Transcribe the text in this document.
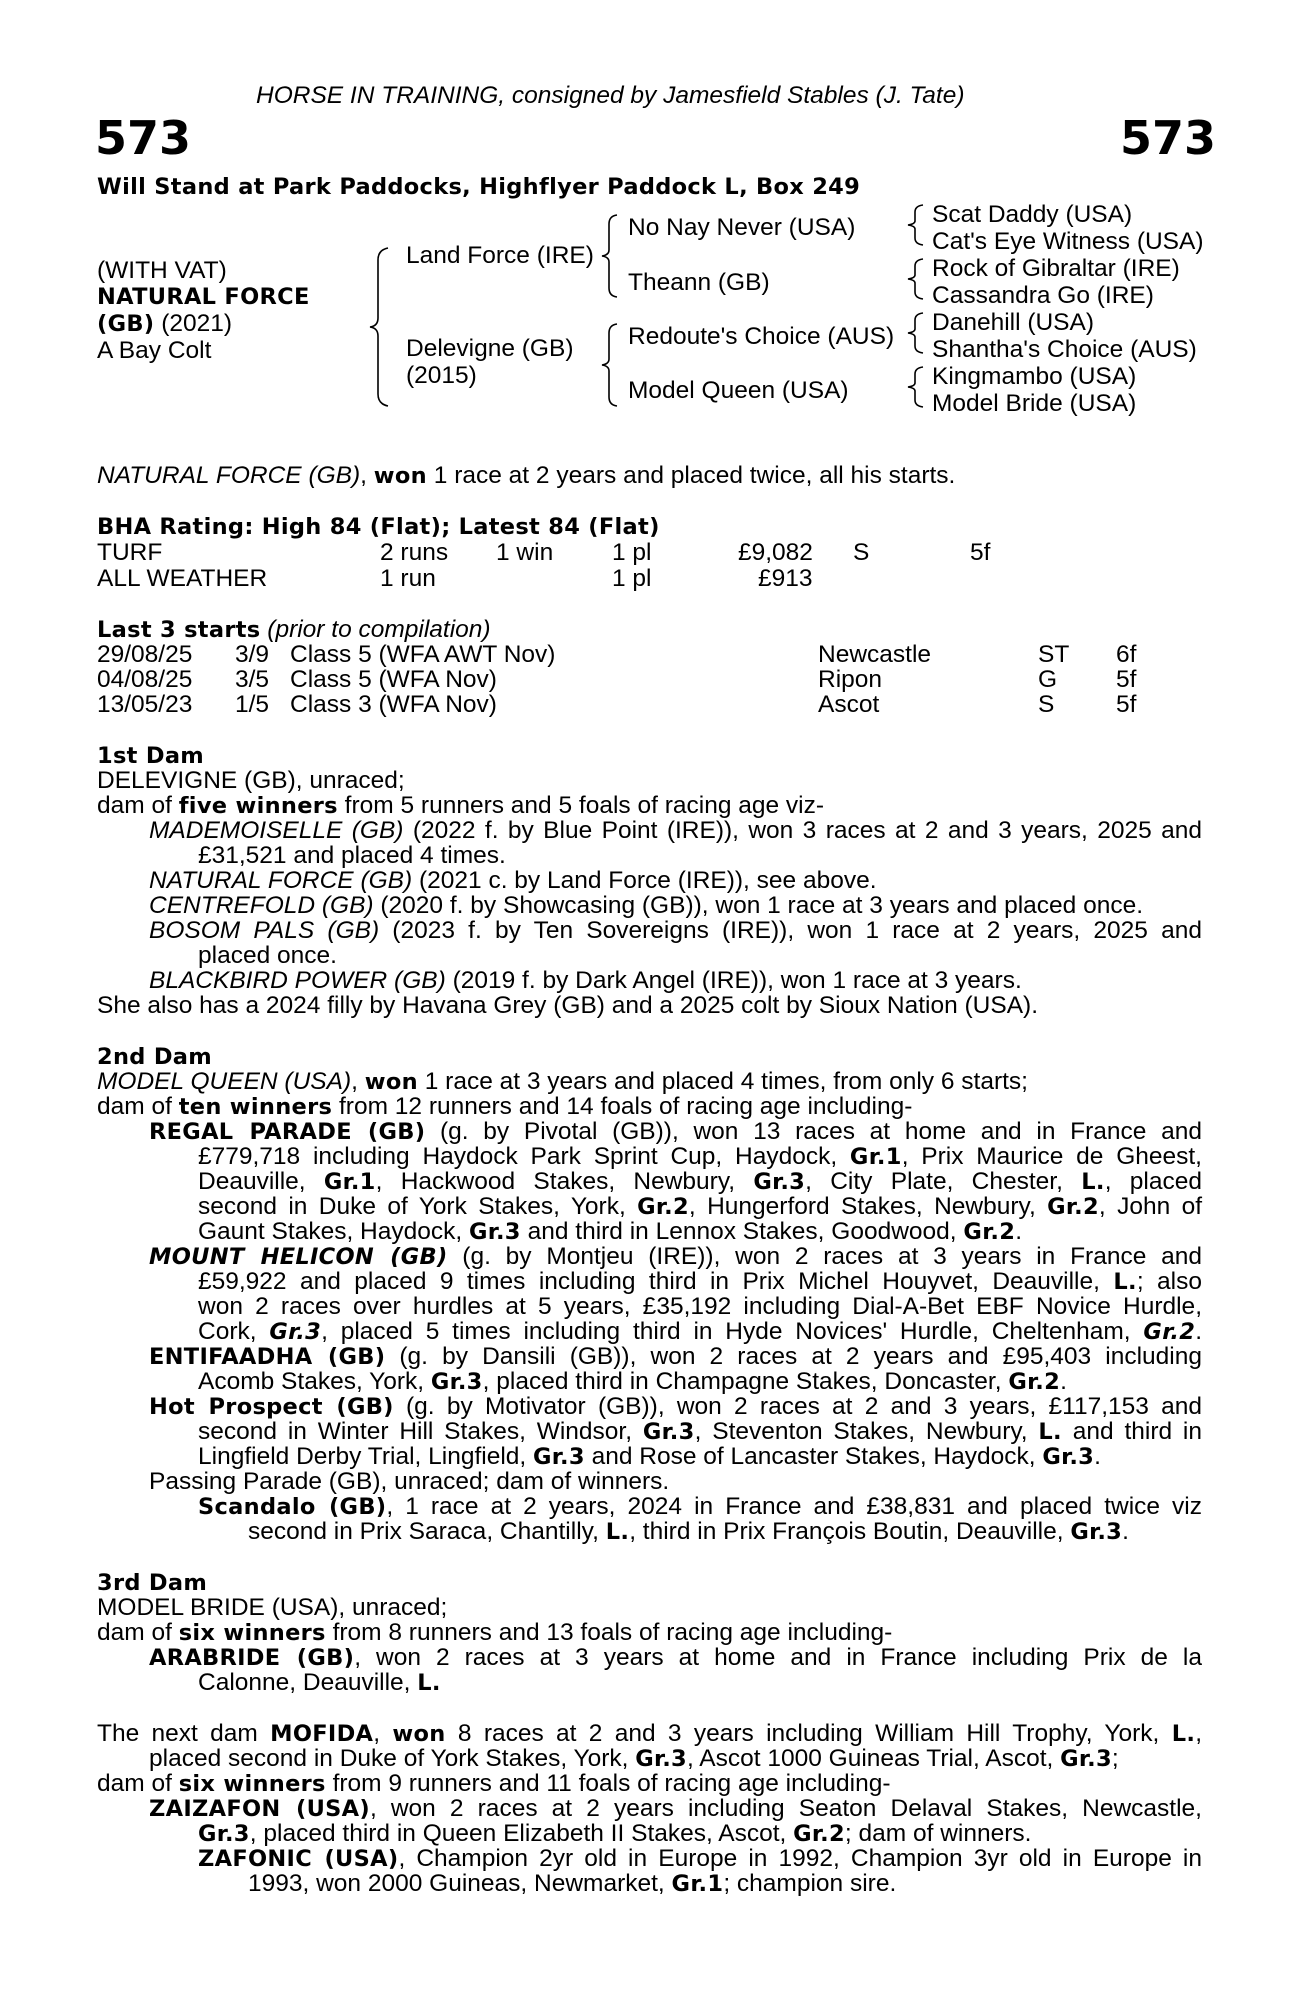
HORSE IN TRAINING, consigned by Jamesfield Stables (J. Tate)
573	573
Will Stand at Park Paddocks, Highflyer Paddock L, Box 249
(WITH VAT)
NATURAL FORCE
(GB) (2021)
A Bay Colt
Land Force (IRE)
Delevigne (GB)
(2015)
No Nay Never (USA)
Theann (GB)
Redoute's Choice (AUS)
Model Queen (USA)
Scat Daddy (USA)
Cat's Eye Witness (USA)
Rock of Gibraltar (IRE)
Cassandra Go (IRE)
Danehill (USA)
Shantha's Choice (AUS)
Kingmambo (USA)
Model Bride (USA)
NATURAL FORCE (GB), won 1 race at 2 years and placed twice, all his starts.
BHA Rating: High 84 (Flat); Latest 84 (Flat)
TURF	2 runs 1 win 1 pl	£9,082 S	5f
ALL WEATHER	1 run	1 pl	£913
Last 3 starts (prior to compilation)
29/08/25 3/9 Class 5 (WFA AWT Nov)	Newcastle	ST 6f
04/08/25 3/5 Class 5 (WFA Nov)	Ripon	G 5f
13/05/23 1/5 Class 3 (WFA Nov)	Ascot	S	5f
1st Dam
DELEVIGNE (GB), unraced;
dam of five winners from 5 runners and 5 foals of racing age viz-
MADEMOISELLE (GB) (2022 f. by Blue Point (IRE)), won 3 races at 2 and 3 years, 2025 and
£31,521 and placed 4 times.
NATURAL FORCE (GB) (2021 c. by Land Force (IRE)), see above.
CENTREFOLD (GB) (2020 f. by Showcasing (GB)), won 1 race at 3 years and placed once.
BOSOM PALS (GB) (2023 f. by Ten Sovereigns (IRE)), won 1 race at 2 years, 2025 and
placed once.
BLACKBIRD POWER (GB) (2019 f. by Dark Angel (IRE)), won 1 race at 3 years.
She also has a 2024 filly by Havana Grey (GB) and a 2025 colt by Sioux Nation (USA).
2nd Dam
MODEL QUEEN (USA), won 1 race at 3 years and placed 4 times, from only 6 starts;
dam of ten winners from 12 runners and 14 foals of racing age including-
REGAL PARADE (GB) (g. by Pivotal (GB)), won 13 races at home and in France and
£779,718 including Haydock Park Sprint Cup, Haydock, Gr.1, Prix Maurice de Gheest,
Deauville, Gr.1, Hackwood Stakes, Newbury, Gr.3, City Plate, Chester, L., placed
second in Duke of York Stakes, York, Gr.2, Hungerford Stakes, Newbury, Gr.2, John of
Gaunt Stakes, Haydock, Gr.3 and third in Lennox Stakes, Goodwood, Gr.2.
MOUNT HELICON (GB) (g. by Montjeu (IRE)), won 2 races at 3 years in France and
£59,922 and placed 9 times including third in Prix Michel Houyvet, Deauville, L.; also
won 2 races over hurdles at 5 years, £35,192 including Dial-A-Bet EBF Novice Hurdle,
Cork, Gr.3, placed 5 times including third in Hyde Novices' Hurdle, Cheltenham, Gr.2.
ENTIFAADHA (GB) (g. by Dansili (GB)), won 2 races at 2 years and £95,403 including
Acomb Stakes, York, Gr.3, placed third in Champagne Stakes, Doncaster, Gr.2.
Hot Prospect (GB) (g. by Motivator (GB)), won 2 races at 2 and 3 years, £117,153 and
second in Winter Hill Stakes, Windsor, Gr.3, Steventon Stakes, Newbury, L. and third in
Lingfield Derby Trial, Lingfield, Gr.3 and Rose of Lancaster Stakes, Haydock, Gr.3.
Passing Parade (GB), unraced; dam of winners.
Scandalo (GB), 1 race at 2 years, 2024 in France and £38,831 and placed twice viz
second in Prix Saraca, Chantilly, L., third in Prix François Boutin, Deauville, Gr.3.
3rd Dam
MODEL BRIDE (USA), unraced;
dam of six winners from 8 runners and 13 foals of racing age including-
ARABRIDE (GB), won 2 races at 3 years at home and in France including Prix de la
Calonne, Deauville, L.
The next dam MOFIDA, won 8 races at 2 and 3 years including William Hill Trophy, York, L.,
placed second in Duke of York Stakes, York, Gr.3, Ascot 1000 Guineas Trial, Ascot, Gr.3;
dam of six winners from 9 runners and 11 foals of racing age including-
ZAIZAFON (USA), won 2 races at 2 years including Seaton Delaval Stakes, Newcastle,
Gr.3, placed third in Queen Elizabeth II Stakes, Ascot, Gr.2; dam of winners.
ZAFONIC (USA), Champion 2yr old in Europe in 1992, Champion 3yr old in Europe in
1993, won 2000 Guineas, Newmarket, Gr.1; champion sire.
